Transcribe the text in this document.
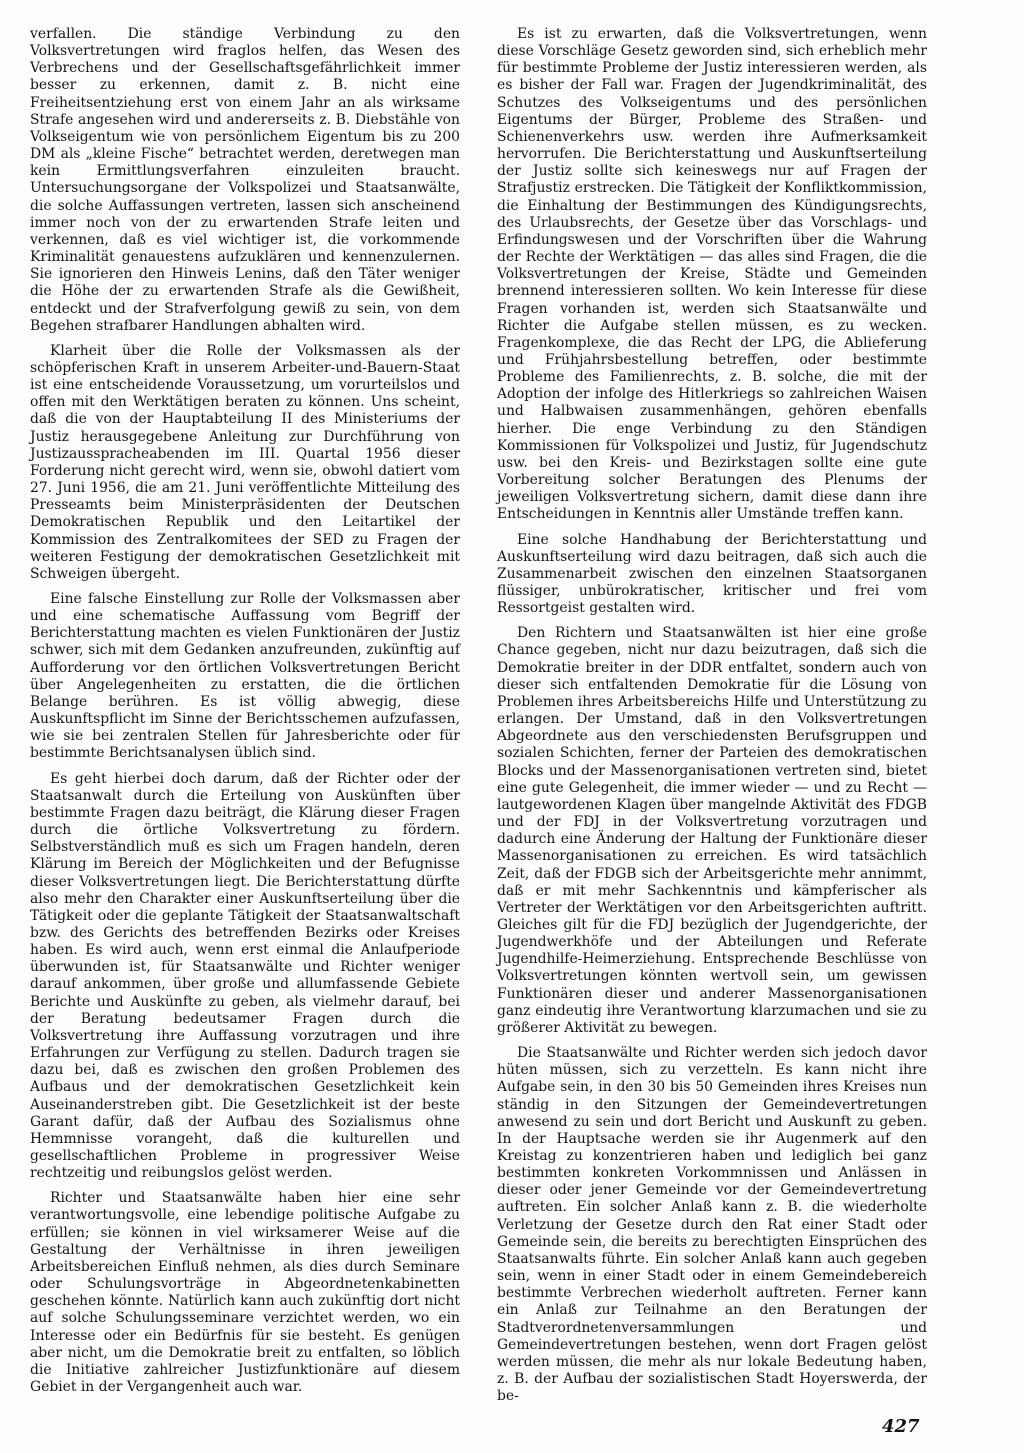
verfallen. Die ständige Verbindung zu den Volksvertretungen wird fraglos helfen, das Wesen des Verbrechens und der Gesellschaftsgefährlichkeit immer besser zu erkennen, damit z. B. nicht eine Freiheitsentziehung erst von einem Jahr an als wirksame Strafe angesehen wird und andererseits z. B. Diebstähle von Volkseigentum wie von persönlichem Eigentum bis zu 200 DM als „kleine Fische“ betrachtet werden, deretwegen man kein Ermittlungsverfahren einzuleiten braucht. Untersuchungsorgane der Volkspolizei und Staatsanwälte, die solche Auffassungen vertreten, lassen sich anscheinend immer noch von der zu erwartenden Strafe leiten und verkennen, daß es viel wichtiger ist, die vorkommende Kriminalität genauestens aufzuklären und kennenzulernen. Sie ignorieren den Hinweis Lenins, daß den Täter weniger die Höhe der zu erwartenden Strafe als die Gewißheit, entdeckt und der Strafverfolgung gewiß zu sein, von dem Begehen strafbarer Handlungen abhalten wird.

Klarheit über die Rolle der Volksmassen als der schöpferischen Kraft in unserem Arbeiter-und-Bauern-Staat ist eine entscheidende Voraussetzung, um vorurteilslos und offen mit den Werktätigen beraten zu können. Uns scheint, daß die von der Hauptabteilung II des Ministeriums der Justiz herausgegebene Anleitung zur Durchführung von Justizaussprachеabenden im III. Quartal 1956 dieser Forderung nicht gerecht wird, wenn sie, obwohl datiert vom 27. Juni 1956, die am 21. Juni veröffentlichte Mitteilung des Presseamts beim Ministerpräsidenten der Deutschen Demokratischen Republik und den Leitartikel der Kommission des Zentralkomitees der SED zu Fragen der weiteren Festigung der demokratischen Gesetzlichkeit mit Schweigen übergeht.

Eine falsche Einstellung zur Rolle der Volksmassen aber und eine schematische Auffassung vom Begriff der Berichterstattung machten es vielen Funktionären der Justiz schwer, sich mit dem Gedanken anzufreunden, zukünftig auf Aufforderung vor den örtlichen Volksvertretungen Bericht über Angelegenheiten zu erstatten, die die örtlichen Belange berühren. Es ist völlig abwegig, diese Auskunftspflicht im Sinne der Berichtsschemen aufzufassen, wie sie bei zentralen Stellen für Jahresberichte oder für bestimmte Berichtsanalysen üblich sind.

Es geht hierbei doch darum, daß der Richter oder der Staatsanwalt durch die Erteilung von Auskünften über bestimmte Fragen dazu beiträgt, die Klärung dieser Fragen durch die örtliche Volksvertretung zu fördern. Selbstverständlich muß es sich um Fragen handeln, deren Klärung im Bereich der Möglichkeiten und der Befugnisse dieser Volksvertretungen liegt. Die Berichterstattung dürfte also mehr den Charakter einer Auskunftserteilung über die Tätigkeit oder die geplante Tätigkeit der Staatsanwaltschaft bzw. des Gerichts des betreffenden Bezirks oder Kreises haben. Es wird auch, wenn erst einmal die Anlaufperiode überwunden ist, für Staatsanwälte und Richter weniger darauf ankommen, über große und allumfassende Gebiete Berichte und Auskünfte zu geben, als vielmehr darauf, bei der Beratung bedeutsamer Fragen durch die Volksvertretung ihre Auffassung vorzutragen und ihre Erfahrungen zur Verfügung zu stellen. Dadurch tragen sie dazu bei, daß es zwischen den großen Problemen des Aufbaus und der demokratischen Gesetzlichkeit kein Auseinanderstreben gibt. Die Gesetzlichkeit ist der beste Garant dafür, daß der Aufbau des Sozialismus ohne Hemmnisse vorangeht, daß die kulturellen und gesellschaftlichen Probleme in progressiver Weise rechtzeitig und reibungslos gelöst werden.

Richter und Staatsanwälte haben hier eine sehr verantwortungsvolle, eine lebendige politische Aufgabe zu erfüllen; sie können in viel wirksamerer Weise auf die Gestaltung der Verhältnisse in ihren jeweiligen Arbeitsbereichen Einfluß nehmen, als dies durch Seminare oder Schulungsvorträge in Abgeordnetenkabinetten geschehen könnte. Natürlich kann auch zukünftig dort nicht auf solche Schulungsseminare verzichtet werden, wo ein Interesse oder ein Bedürfnis für sie besteht. Es genügen aber nicht, um die Demokratie breit zu entfalten, so löblich die Initiative zahlreicher Justizfunktionäre auf diesem Gebiet in der Vergangenheit auch war.

Es ist zu erwarten, daß die Volksvertretungen, wenn diese Vorschläge Gesetz geworden sind, sich erheblich mehr für bestimmte Probleme der Justiz interessieren werden, als es bisher der Fall war. Fragen der Jugendkriminalität, des Schutzes des Volkseigentums und des persönlichen Eigentums der Bürger, Probleme des Straßen- und Schienenverkehrs usw. werden ihre Aufmerksamkeit hervorrufen. Die Berichterstattung und Auskunftserteilung der Justiz sollte sich keineswegs nur auf Fragen der Strafjustiz erstrecken. Die Tätigkeit der Konfliktkommission, die Einhaltung der Bestimmungen des Kündigungsrechts, des Urlaubsrechts, der Gesetze über das Vorschlags- und Erfindungswesen und der Vorschriften über die Wahrung der Rechte der Werktätigen — das alles sind Fragen, die die Volksvertretungen der Kreise, Städte und Gemeinden brennend interessieren sollten. Wo kein Interesse für diese Fragen vorhanden ist, werden sich Staatsanwälte und Richter die Aufgabe stellen müssen, es zu wecken. Fragenkomplexe, die das Recht der LPG, die Ablieferung und Frühjahrsbestellung betreffen, oder bestimmte Probleme des Familienrechts, z. B. solche, die mit der Adoption der infolge des Hitlerkriegs so zahlreichen Waisen und Halbwaisen zusammenhängen, gehören ebenfalls hierher. Die enge Verbindung zu den Ständigen Kommissionen für Volkspolizei und Justiz, für Jugendschutz usw. bei den Kreis- und Bezirkstagen sollte eine gute Vorbereitung solcher Beratungen des Plenums der jeweiligen Volksvertretung sichern, damit diese dann ihre Entscheidungen in Kenntnis aller Umstände treffen kann.

Eine solche Handhabung der Berichterstattung und Auskunftserteilung wird dazu beitragen, daß sich auch die Zusammenarbeit zwischen den einzelnen Staatsorganen flüssiger, unbürokratischer, kritischer und frei vom Ressortgeist gestalten wird.

Den Richtern und Staatsanwälten ist hier eine große Chance gegeben, nicht nur dazu beizutragen, daß sich die Demokratie breiter in der DDR entfaltet, sondern auch von dieser sich entfaltenden Demokratie für die Lösung von Problemen ihres Arbeitsbereichs Hilfe und Unterstützung zu erlangen. Der Umstand, daß in den Volksvertretungen Abgeordnete aus den verschiedensten Berufsgruppen und sozialen Schichten, ferner der Parteien des demokratischen Blocks und der Massenorganisationen vertreten sind, bietet eine gute Gelegenheit, die immer wieder — und zu Recht — lautgewordenen Klagen über mangelnde Aktivität des FDGB und der FDJ in der Volksvertretung vorzutragen und dadurch eine Änderung der Haltung der Funktionäre dieser Massenorganisationen zu erreichen. Es wird tatsächlich Zeit, daß der FDGB sich der Arbeitsgerichte mehr annimmt, daß er mit mehr Sachkenntnis und kämpferischer als Vertreter der Werktätigen vor den Arbeitsgerichten auftritt. Gleiches gilt für die FDJ bezüglich der Jugendgerichte, der Jugendwerkhöfe und der Abteilungen und Referate Jugendhilfe-Heimerziehung. Entsprechende Beschlüsse von Volksvertretungen könnten wertvoll sein, um gewissen Funktionären dieser und anderer Massenorganisationen ganz eindeutig ihre Verantwortung klarzumachen und sie zu größerer Aktivität zu bewegen.

Die Staatsanwälte und Richter werden sich jedoch davor hüten müssen, sich zu verzetteln. Es kann nicht ihre Aufgabe sein, in den 30 bis 50 Gemeinden ihres Kreises nun ständig in den Sitzungen der Gemeindevertretungen anwesend zu sein und dort Bericht und Auskunft zu geben. In der Hauptsache werden sie ihr Augenmerk auf den Kreistag zu konzentrieren haben und lediglich bei ganz bestimmten konkreten Vorkommnissen und Anlässen in dieser oder jener Gemeinde vor der Gemeindevertretung auftreten. Ein solcher Anlaß kann z. B. die wiederholte Verletzung der Gesetze durch den Rat einer Stadt oder Gemeinde sein, die bereits zu berechtigten Einsprüchen des Staatsanwalts führte. Ein solcher Anlaß kann auch gegeben sein, wenn in einer Stadt oder in einem Gemeindebereich bestimmte Verbrechen wiederholt auftreten. Ferner kann ein Anlaß zur Teilnahme an den Beratungen der Stadtverordnetenversammlungen und Gemeindevertretungen bestehen, wenn dort Fragen gelöst werden müssen, die mehr als nur lokale Bedeutung haben, z. B. der Aufbau der sozialistischen Stadt Hoyerswerda, der be-

427
